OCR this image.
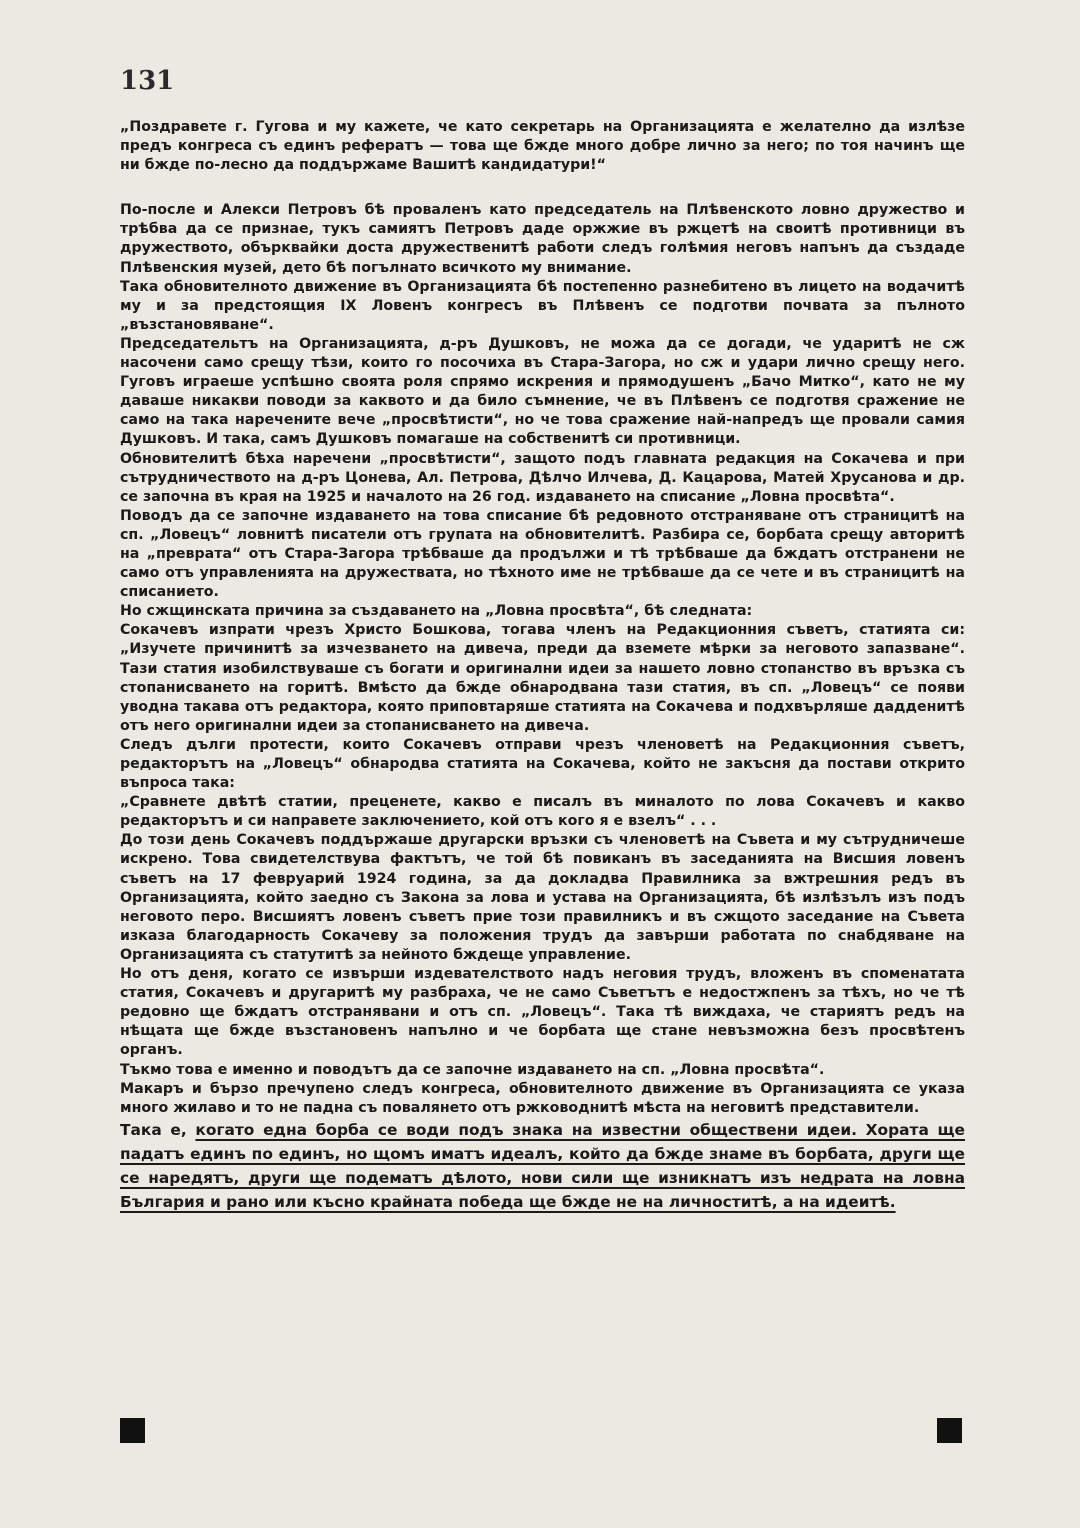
131

„Поздравете г. Гугова и му кажете, че като секретарь на Организацията е желателно да излѣзе предъ конгреса съ единъ рефератъ — това ще бжде много добре лично за него; по тоя начинъ ще ни бжде по-лесно да поддържаме Вашитѣ кандидатури!“

По-после и Алекси Петровъ бѣ проваленъ като председатель на Плѣвенското ловно дружество и трѣбва да се признае, тукъ самиятъ Петровъ даде оржжие въ ржцетѣ на своитѣ противници въ дружеството, обърквайки доста дружественитѣ работи следъ голѣмия неговъ напънъ да създаде Плѣвенския музей, дето бѣ погълнато всичкото му внимание.

Така обновителното движение въ Организацията бѣ постепенно разнебитено въ лицето на водачитѣ му и за предстоящия IX Ловенъ конгресъ въ Плѣвенъ се подготви почвата за пълното „възстановяване“.

Председательтъ на Организацията, д-ръ Душковъ, не можа да се догади, че ударитѣ не сж насочени само срещу тѣзи, които го посочиха въ Стара-Загора, но сж и удари лично срещу него. Гуговъ играеше успѣшно своята роля спрямо искрения и прямодушенъ „Бачо Митко“, като не му даваше никакви поводи за каквото и да било съмнение, че въ Плѣвенъ се подготвя сражение не само на така наречените вече „просвѣтисти“, но че това сражение най-напредъ ще провали самия Душковъ. И така, самъ Душковъ помагаше на собственитѣ си противници.

Обновителитѣ бѣха наречени „просвѣтисти“, защото подъ главната редакция на Сокачева и при сътрудничеството на д-ръ Цонева, Ал. Петрова, Дѣлчо Илчева, Д. Кацарова, Матей Хрусанова и др. се започна въ края на 1925 и началото на 26 год. издаването на списание „Ловна просвѣта“.

Поводъ да се започне издаването на това списание бѣ редовното отстраняване отъ страницитѣ на сп. „Ловецъ“ ловнитѣ писатели отъ групата на обновителитѣ. Разбира се, борбата срещу авторитѣ на „преврата“ отъ Стара-Загора трѣбваше да продължи и тѣ трѣбваше да бждатъ отстранени не само отъ управленията на дружествата, но тѣхното име не трѣбваше да се чете и въ страницитѣ на списанието.

Но сжщинската причина за създаването на „Ловна просвѣта“, бѣ следната:

Сокачевъ изпрати чрезъ Христо Бошкова, тогава членъ на Редакционния съветъ, статията си: „Изучете причинитѣ за изчезването на дивеча, преди да вземете мѣрки за неговото запазване“. Тази статия изобилствуваше съ богати и оригинални идеи за нашето ловно стопанство въ връзка съ стопанисването на горитѣ. Вмѣсто да бжде обнародвана тази статия, въ сп. „Ловецъ“ се появи уводна такава отъ редактора, която приповтаряше статията на Сокачева и подхвърляше дадденитѣ отъ него оригинални идеи за стопанисването на дивеча.

Следъ дълги протести, които Сокачевъ отправи чрезъ членоветѣ на Редакционния съветъ, редакторътъ на „Ловецъ“ обнародва статията на Сокачева, който не закъсня да постави открито въпроса така:

„Сравнете двѣтѣ статии, преценете, какво е писалъ въ миналото по лова Сокачевъ и какво редакторътъ и си направете заключението, кой отъ кого я е взелъ“ . . .

До този день Сокачевъ поддържаше другарски връзки съ членоветѣ на Съвета и му сътрудничеше искрено. Това свидетелствува фактътъ, че той бѣ повиканъ въ заседанията на Висшия ловенъ съветъ на 17 февруарий 1924 година, за да докладва Правилника за вжтрешния редъ въ Организацията, който заедно съ Закона за лова и устава на Организацията, бѣ излѣзълъ изъ подъ неговото перо. Висшиятъ ловенъ съветъ прие този правилникъ и въ сжщото заседание на Съвета изказа благодарность Сокачеву за положения трудъ да завърши работата по снабдяване на Организацията съ статутитѣ за нейното бждеще управление.

Но отъ деня, когато се извърши издевателството надъ неговия трудъ, вложенъ въ споменатата статия, Сокачевъ и другаритѣ му разбраха, че не само Съветътъ е недостжпенъ за тѣхъ, но че тѣ редовно ще бждатъ отстранявани и отъ сп. „Ловецъ“. Така тѣ виждаха, че стариятъ редъ на нѣщата ще бжде възстановенъ напълно и че борбата ще стане невъзможна безъ просвѣтенъ органъ.

Тъкмо това е именно и поводътъ да се започне издаването на сп. „Ловна просвѣта“.

Макаръ и бързо пречупено следъ конгреса, обновителното движение въ Организацията се указа много жилаво и то не падна съ повалянето отъ ржководнитѣ мѣста на неговитѣ представители.

Така е, когато една борба се води подъ знака на известни обществени идеи. Хората ще падатъ единъ по единъ, но щомъ иматъ идеалъ, който да бжде знаме въ борбата, други ще се наредятъ, други ще подематъ дѣлото, нови сили ще изникнатъ изъ недрата на ловна България и рано или късно крайната победа ще бжде не на личноститѣ, а на идеитѣ.
